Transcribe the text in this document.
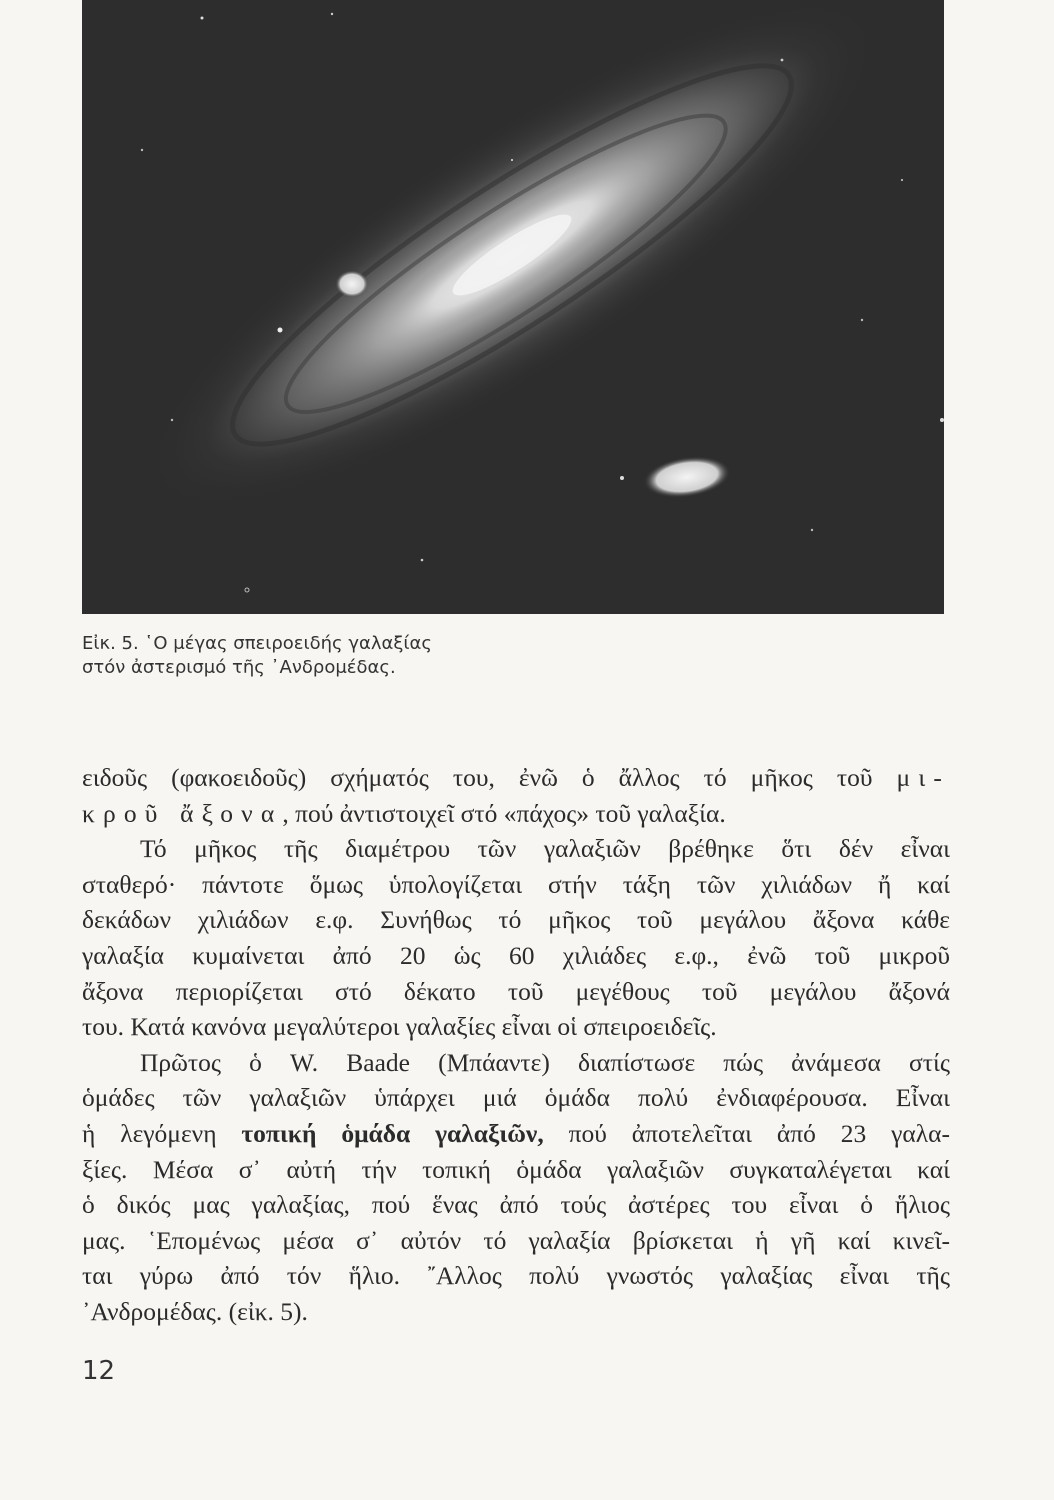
Εἰκ. 5. ῾Ο μέγας σπειροειδής γαλαξίας
στόν ἀστερισμό τῆς ᾿Ανδρομέδας.
ειδοῦς (φακοειδοῦς) σχήματός του, ἐνῶ ὁ ἄλλος τό μῆκος τοῦ μι-
κροῦ ἄξονα, πού ἀντιστοιχεῖ στό «πάχος» τοῦ γαλαξία.
Τό μῆκος τῆς διαμέτρου τῶν γαλαξιῶν βρέθηκε ὅτι δέν εἶναι
σταθερό· πάντοτε ὅμως ὑπολογίζεται στήν τάξη τῶν χιλιάδων ἤ καί
δεκάδων χιλιάδων ε.φ. Συνήθως τό μῆκος τοῦ μεγάλου ἄξονα κάθε
γαλαξία κυμαίνεται ἀπό 20 ὡς 60 χιλιάδες ε.φ., ἐνῶ τοῦ μικροῦ
ἄξονα περιορίζεται στό δέκατο τοῦ μεγέθους τοῦ μεγάλου ἄξονά
του. Κατά κανόνα μεγαλύτεροι γαλαξίες εἶναι οἱ σπειροειδεῖς.
Πρῶτος ὁ W. Baade (Μπάαντε) διαπίστωσε πώς ἀνάμεσα στίς
ὁμάδες τῶν γαλαξιῶν ὑπάρχει μιά ὁμάδα πολύ ἐνδιαφέρουσα. Εἶναι
ἡ λεγόμενη τοπική ὁμάδα γαλαξιῶν, πού ἀποτελεῖται ἀπό 23 γαλα-
ξίες. Μέσα σ᾿ αὐτή τήν τοπική ὁμάδα γαλαξιῶν συγκαταλέγεται καί
ὁ δικός μας γαλαξίας, πού ἕνας ἀπό τούς ἀστέρες του εἶναι ὁ ἥλιος
μας. ῾Επομένως μέσα σ᾿ αὐτόν τό γαλαξία βρίσκεται ἡ γῆ καί κινεῖ-
ται γύρω ἀπό τόν ἥλιο. ῎Αλλος πολύ γνωστός γαλαξίας εἶναι τῆς
᾿Ανδρομέδας. (εἰκ. 5).
12
